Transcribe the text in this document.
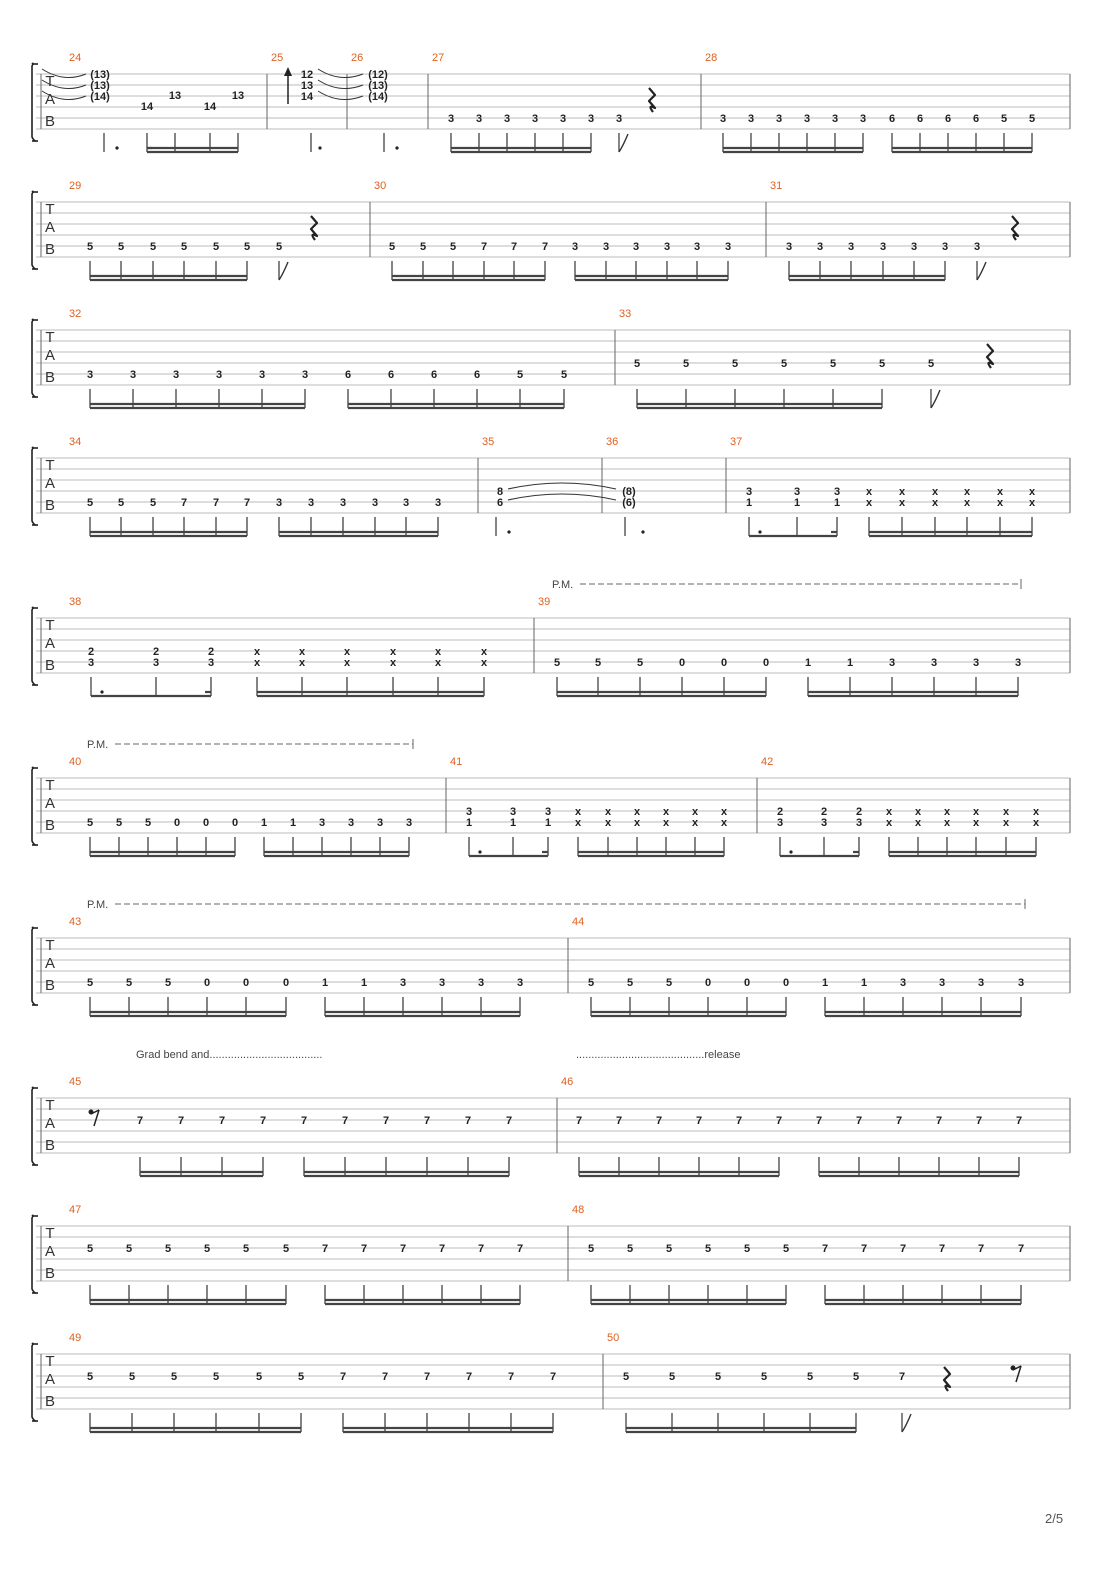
T
A
B
24
(13)
(13)
(14)
14
13
14
13
25
12
13
14
26
(12)
(13)
(14)
27
3 3 3 3 3 3 3
28
3 3 3 3 3 3 6 6 6 6 5 5
T
A
B
29
5 5 5 5 5 5 5
30
5 5 5 7 7 7 3 3 3 3 3 3
31
3 3 3 3 3 3 3
T
A
B
32
3	3	3	3	3	3	6	6	6	6	5	5
33
5	5	5	5	5	5	5
T
A
B
34
5 5 5 7 7 7 3 3 3 3 3 3
35
8
6
36
(8)
(6)
37
3	3	3 x x x x x x
1	1	1 x x x x x x
T
A
B
38
2	2	2	x	x	x	x	x	x
3	3	3	x	x	x	x	x	x
39
5	5	5	0	0	0	1	1	3	3	3	3
T
A
B
40
5 5 5 0 0 0 1 1 3 3 3 3
41
3	3	3 x x x x x x
1	1	1 x x x x x x
42
2	2	2 x x x x x x
3	3	3 x x x x x x
T
A
B
43
5	5	5	0	0	0	1	1	3	3	3	3
44
5	5	5	0	0	0	1	1	3	3	3	3
T
A
B
45
7	7	7	7	7	7	7	7	7	7
46
7	7	7	7	7	7	7	7	7	7	7	7
T
A
B
47
5	5	5	5	5	5	7	7	7	7	7	7
48
5	5	5	5	5	5	7	7	7	7	7	7
T
A
B
49
5	5	5	5	5	5	7	7	7	7	7	7
50
5	5	5	5	5	5	7
P.M.
P.M.
P.M.
Grad bend and.....................................	..........................................release
2/5
